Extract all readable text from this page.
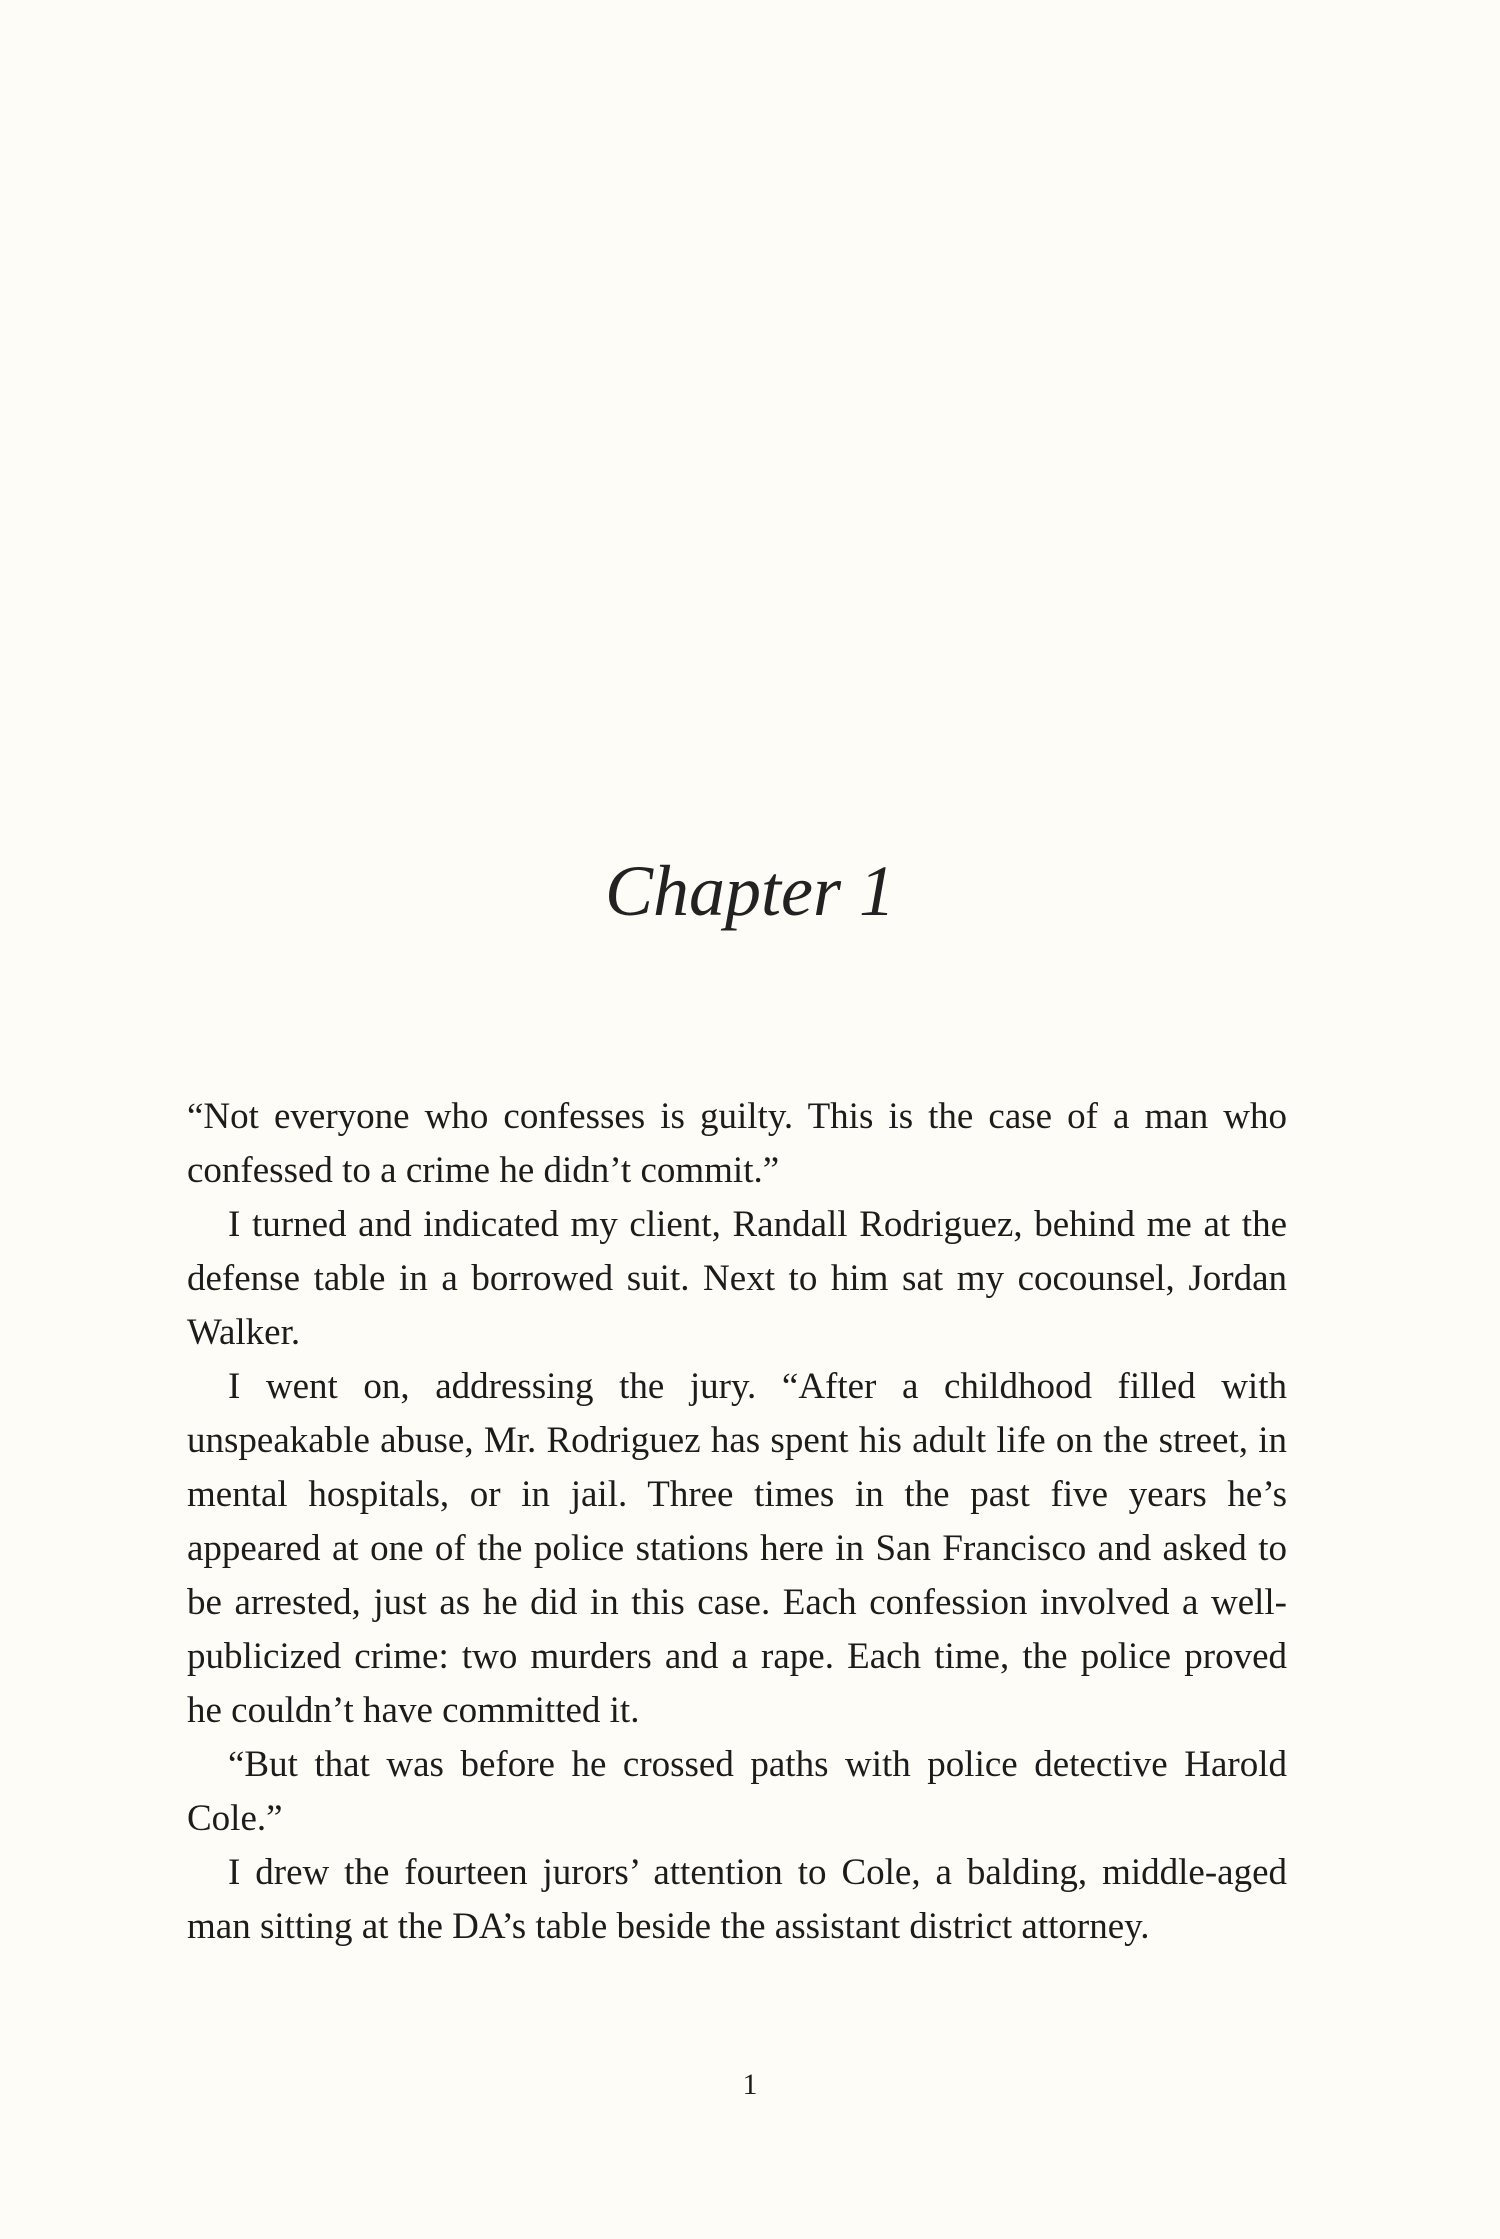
Chapter 1

“Not everyone who confesses is guilty. This is the case of a man who confessed to a crime he didn’t commit.”

I turned and indicated my client, Randall Rodriguez, behind me at the defense table in a borrowed suit. Next to him sat my cocounsel, Jordan Walker.

I went on, addressing the jury. “After a childhood filled with unspeakable abuse, Mr. Rodriguez has spent his adult life on the street, in mental hospitals, or in jail. Three times in the past five years he’s appeared at one of the police stations here in San Francisco and asked to be arrested, just as he did in this case. Each confession involved a well-publicized crime: two murders and a rape. Each time, the police proved he couldn’t have committed it.

“But that was before he crossed paths with police detective Harold Cole.”

I drew the fourteen jurors’ attention to Cole, a balding, middle-aged man sitting at the DA’s table beside the assistant district attorney.

1
